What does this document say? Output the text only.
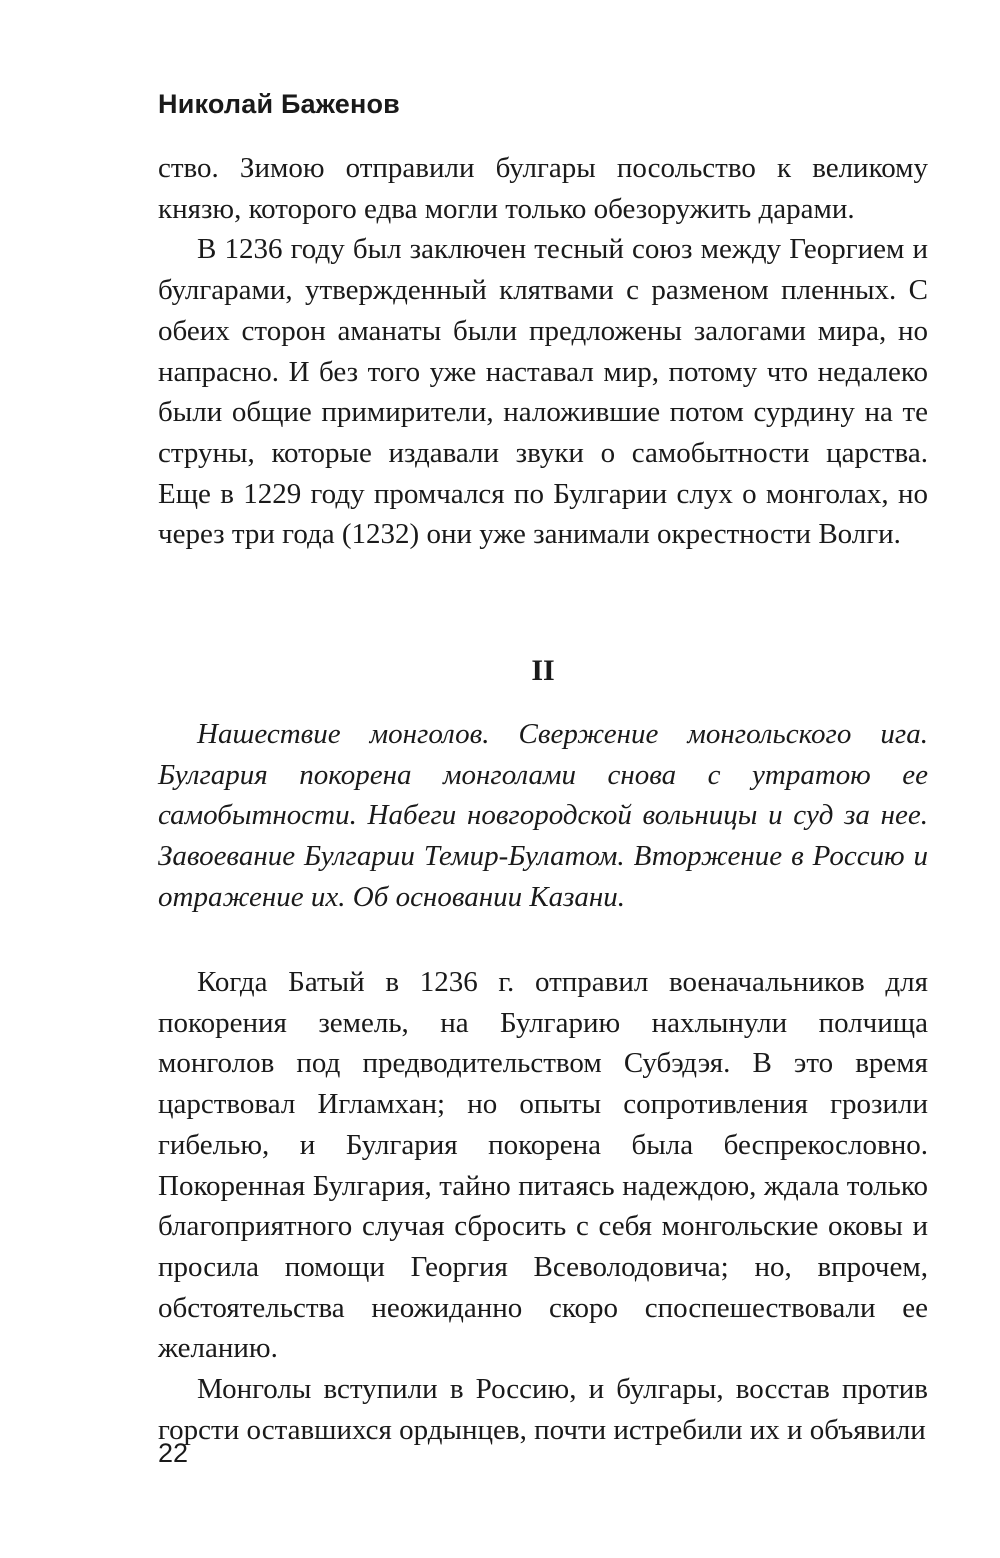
Николай Баженов

ство. Зимою отправили булгары посольство к великому князю, которого едва могли только обезоружить дарами.

В 1236 году был заключен тесный союз между Георгием и булгарами, утвержденный клятвами с разменом пленных. С обеих сторон аманаты были предложены залогами мира, но напрасно. И без того уже наставал мир, потому что недалеко были общие примирители, наложившие потом сурдину на те струны, которые издавали звуки о самобытности царства. Еще в 1229 году промчался по Булгарии слух о монголах, но через три года (1232) они уже занимали окрестности Волги.

II

Нашествие монголов. Свержение монгольского ига. Булгария покорена монголами снова с утратою ее самобытности. Набеги новгородской вольницы и суд за нее. Завоевание Булгарии Темир-Булатом. Вторжение в Россию и отражение их. Об основании Казани.

Когда Батый в 1236 г. отправил военачальников для покорения земель, на Булгарию нахлынули полчища монголов под предводительством Субэдэя. В это время царствовал Игламхан; но опыты сопротивления грозили гибелью, и Булгария покорена была беспрекословно. Покоренная Булгария, тайно питаясь надеждою, ждала только благоприятного случая сбросить с себя монгольские оковы и просила помощи Георгия Всеволодовича; но, впрочем, обстоятельства неожиданно скоро споспешествовали ее желанию.

Монголы вступили в Россию, и булгары, восстав против горсти оставшихся ордынцев, почти истребили их и объявили

22
